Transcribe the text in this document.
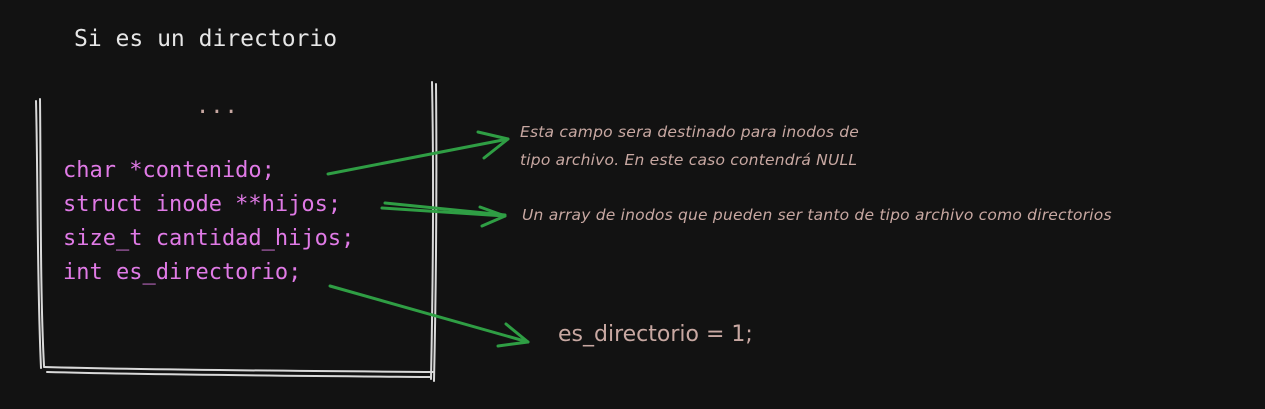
Si es un directorio
...
char *contenido;
struct inode **hijos;
size_t cantidad_hijos;
int es_directorio;
Esta campo sera destinado para inodos de
tipo archivo. En este caso contendrá NULL
Un array de inodos que pueden ser tanto de tipo archivo como directorios
es_directorio = 1;
